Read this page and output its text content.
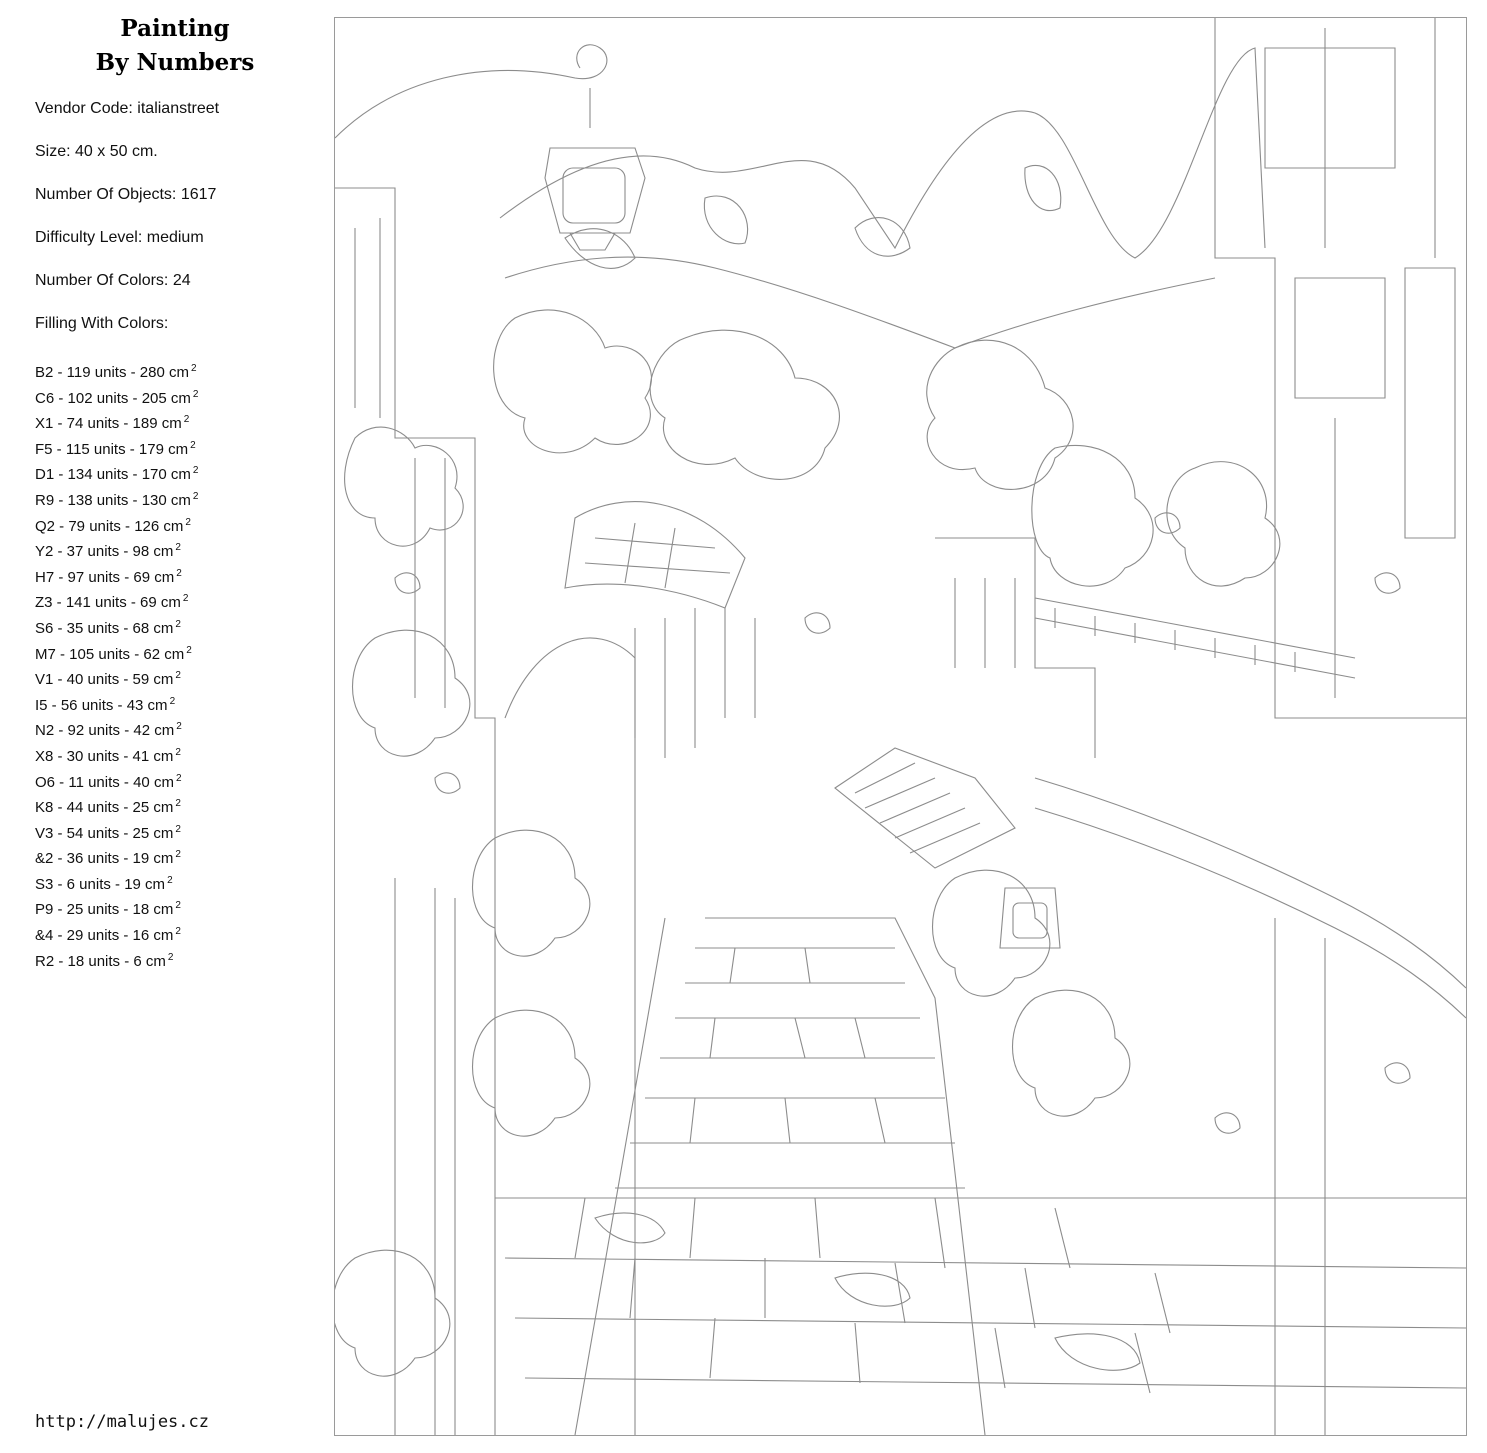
Painting
By Numbers

Vendor Code: italianstreet

Size: 40 x 50 cm.

Number Of Objects: 1617

Difficulty Level: medium

Number Of Colors: 24

Filling With Colors:

B2 - 119 units - 280 cm $^2$
C6 - 102 units - 205 cm $^2$
X1 - 74 units - 189 cm $^2$
F5 - 115 units - 179 cm $^2$
D1 - 134 units - 170 cm $^2$
R9 - 138 units - 130 cm $^2$
Q2 - 79 units - 126 cm $^2$
Y2 - 37 units - 98 cm $^2$
H7 - 97 units - 69 cm $^2$
Z3 - 141 units - 69 cm $^2$
S6 - 35 units - 68 cm $^2$
M7 - 105 units - 62 cm $^2$
V1 - 40 units - 59 cm $^2$
I5 - 56 units - 43 cm $^2$
N2 - 92 units - 42 cm $^2$
X8 - 30 units - 41 cm $^2$
O6 - 11 units - 40 cm $^2$
K8 - 44 units - 25 cm $^2$
V3 - 54 units - 25 cm $^2$
&2 - 36 units - 19 cm $^2$
S3 - 6 units - 19 cm $^2$
P9 - 25 units - 18 cm $^2$
&4 - 29 units - 16 cm $^2$
R2 - 18 units - 6 cm $^2$
http://malujes.cz
